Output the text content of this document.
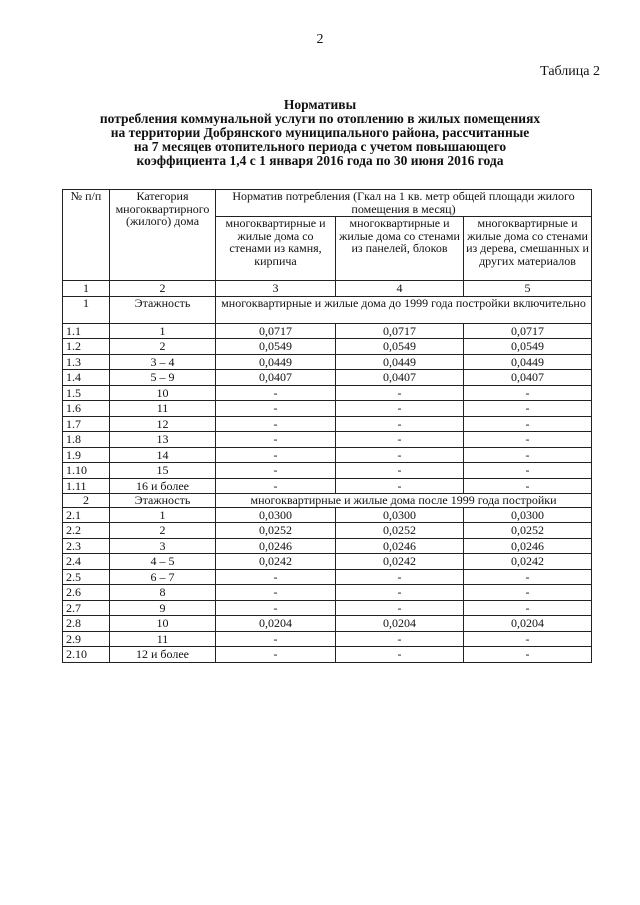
2
Таблица 2
Нормативы
потребления коммунальной услуги по отоплению в жилых помещениях
на территории Добрянского муниципального района, рассчитанные
на 7 месяцев отопительного периода с учетом повышающего
коэффициента 1,4 с 1 января 2016 года по 30 июня 2016 года
№ п/п	Категория многоквартирного (жилого) дома	Норматив потребления (Гкал на 1 кв. метр общей площади жилого помещения в месяц)		
		многоквартирные и жилые дома со стенами из камня, кирпича	многоквартирные и жилые дома со стенами из панелей, блоков	многоквартирные и жилые дома со стенами из дерева, смешанных и других материалов
1	2	3	4	5
1	Этажность	многоквартирные и жилые дома до 1999 года постройки включительно		
1.1	1	0,0717	0,0717	0,0717
1.2	2	0,0549	0,0549	0,0549
1.3	3 – 4	0,0449	0,0449	0,0449
1.4	5 – 9	0,0407	0,0407	0,0407
1.5	10	-	-	-
1.6	11	-	-	-
1.7	12	-	-	-
1.8	13	-	-	-
1.9	14	-	-	-
1.10	15	-	-	-
1.11	16 и более	-	-	-
2	Этажность	многоквартирные и жилые дома после 1999 года постройки		
2.1	1	0,0300	0,0300	0,0300
2.2	2	0,0252	0,0252	0,0252
2.3	3	0,0246	0,0246	0,0246
2.4	4 – 5	0,0242	0,0242	0,0242
2.5	6 – 7	-	-	-
2.6	8	-	-	-
2.7	9	-	-	-
2.8	10	0,0204	0,0204	0,0204
2.9	11	-	-	-
2.10	12 и более	-	-	-
